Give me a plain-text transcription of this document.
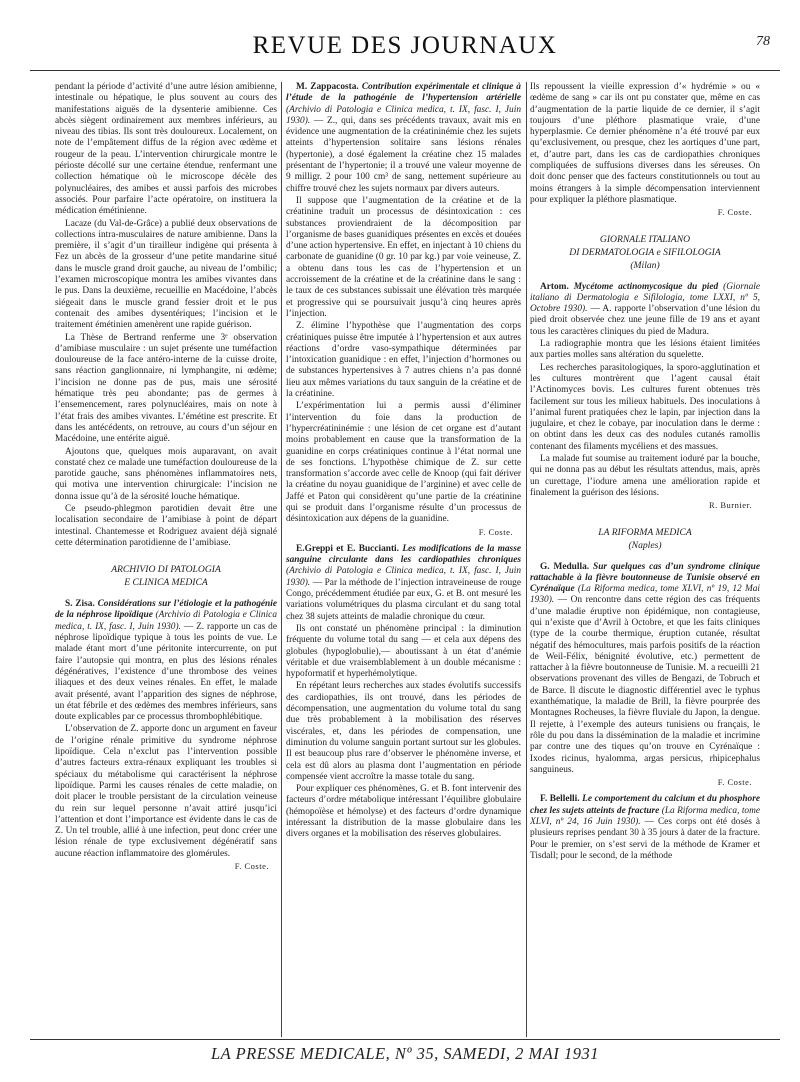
REVUE DES JOURNAUX	78

pendant la période d’activité d’une autre lésion amibienne, intestinale ou hépatique, le plus souvent au cours des manifestations aiguës de la dysenterie amibienne. Ces abcès siègent ordinairement aux membres inférieurs, au niveau des tibias. Ils sont très douloureux. Localement, on note de l’empâtement diffus de la région avec œdème et rougeur de la peau. L’intervention chirurgicale montre le périoste décollé sur une certaine étendue, renfermant une collection hématique où le microscope décèle des polynucléaires, des amibes et aussi parfois des microbes associés. Pour parfaire l’acte opératoire, on instituera la médication émétinienne.

Lacaze (du Val-de-Grâce) a publié deux observations de collections intra-musculaires de nature amibienne. Dans la première, il s’agit d’un tirailleur indigène qui présenta à Fez un abcès de la grosseur d’une petite mandarine situé dans le muscle grand droit gauche, au niveau de l’ombilic; l’examen microscopique montra les amibes vivantes dans le pus. Dans la deuxième, recueillie en Macédoine, l’abcès siégeait dans le muscle grand fessier droit et le pus contenait des amibes dysentériques; l’incision et le traitement émétinien amenèrent une rapide guérison.

La Thèse de Bertrand renferme une 3ᵉ observation d’amibiase musculaire : un sujet présente une tuméfaction douloureuse de la face antéro-interne de la cuisse droite, sans réaction ganglionnaire, ni lymphangite, ni œdème; l’incision ne donne pas de pus, mais une sérosité hématique très peu abondante; pas de germes à l’ensemencement, rares polynucléaires, mais on note à l’état frais des amibes vivantes. L’émétine est prescrite. Et dans les antécédents, on retrouve, au cours d’un séjour en Macédoine, une entérite aiguë.

Ajoutons que, quelques mois auparavant, on avait constaté chez ce malade une tuméfaction douloureuse de la parotide gauche, sans phénomènes inflammatoires nets, qui motiva une intervention chirurgicale: l’incision ne donna issue qu’à de la sérosité louche hématique.

Ce pseudo-phlegmon parotidien devait être une localisation secondaire de l’amibiase à point de départ intestinal. Chantemesse et Rodriguez avaient déjà signalé cette détermination parotidienne de l’amibiase.

ARCHIVIO DI PATOLOGIA
E CLINICA MEDICA

S. Zisa. Considérations sur l’étiologie et la pathogénie de la néphrose lipoïdique (Archivio di Patologia e Clinica medica, t. IX, fasc. I, Juin 1930). — Z. rapporte un cas de néphrose lipoïdique typique à tous les points de vue. Le malade étant mort d’une péritonite intercurrente, on put faire l’autopsie qui montra, en plus des lésions rénales dégénératives, l’existence d’une thrombose des veines iliaques et des deux veines rénales. En effet, le malade avait présenté, avant l’apparition des signes de néphrose, un état fébrile et des œdèmes des membres inférieurs, sans doute explicables par ce processus thrombophlébitique.

L’observation de Z. apporte donc un argument en faveur de l’origine rénale primitive du syndrome néphrose lipoïdique. Cela n’exclut pas l’intervention possible d’autres facteurs extra-rénaux expliquant les troubles si spéciaux du métabolisme qui caractérisent la néphrose lipoïdique. Parmi les causes rénales de cette maladie, on doit placer le trouble persistant de la circulation veineuse du rein sur lequel personne n’avait attiré jusqu’ici l’attention et dont l’importance est évidente dans le cas de Z. Un tel trouble, allié à une infection, peut donc créer une lésion rénale de type exclusivement dégénératif sans aucune réaction inflammatoire des glomérules.

F. Coste.

M. Zappacosta. Contribution expérimentale et clinique à l’étude de la pathogénie de l’hypertension artérielle (Archivio di Patologia e Clinica medica, t. IX, fasc. I, Juin 1930). — Z., qui, dans ses précédents travaux, avait mis en évidence une augmentation de la créatininémie chez les sujets atteints d’hypertension solitaire sans lésions rénales (hypertonie), a dosé également la créatine chez 15 malades présentant de l’hypertonie; il a trouvé une valeur moyenne de 9 milligr. 2 pour 100 cm³ de sang, nettement supérieure au chiffre trouvé chez les sujets normaux par divers auteurs.

Il suppose que l’augmentation de la créatine et de la créatinine traduit un processus de désintoxication : ces substances proviendraient de la décomposition par l’organisme de bases guanidiques présentes en excès et douées d’une action hypertensive. En effet, en injectant à 10 chiens du carbonate de guanidine (0 gr. 10 par kg.) par voie veineuse, Z. a obtenu dans tous les cas de l’hypertension et un accroissement de la créatine et de la créatinine dans le sang : le taux de ces substances subissait une élévation très marquée et progressive qui se poursuivait jusqu’à cinq heures après l’injection.

Z. élimine l’hypothèse que l’augmentation des corps créatiniques puisse être imputée à l’hypertension et aux autres réactions d’ordre vaso-sympathique déterminées par l’intoxication guanidique : en effet, l’injection d’hormones ou de substances hypertensives à 7 autres chiens n’a pas donné lieu aux mêmes variations du taux sanguin de la créatine et de la créatinine.

L’expérimentation lui a permis aussi d’éliminer l’intervention du foie dans la production de l’hypercréatininémie : une lésion de cet organe est d’autant moins probablement en cause que la transformation de la guanidine en corps créatiniques continue à l’état normal une de ses fonctions. L’hypothèse chimique de Z. sur cette transformation s’accorde avec celle de Knoop (qui fait dériver la créatine du noyau guanidique de l’arginine) et avec celle de Jaffé et Paton qui considèrent qu’une partie de la créatinine qui se produit dans l’organisme résulte d’un processus de désintoxication aux dépens de la guanidine.

F. Coste.

E.Greppi et E. Buccianti. Les modifications de la masse sanguine circulante dans les cardiopathies chroniques (Archivio di Patologia e Clinica medica, t. IX, fasc. I, Juin 1930). — Par la méthode de l’injection intraveineuse de rouge Congo, précédemment étudiée par eux, G. et B. ont mesuré les variations volumétriques du plasma circulant et du sang total chez 38 sujets atteints de maladie chronique du cœur.

Ils ont constaté un phénomène principal : la diminution fréquente du volume total du sang — et cela aux dépens des globules (hypoglobulie),— aboutissant à un état d’anémie véritable et due vraisemblablement à un double mécanisme : hypoformatif et hyperhémolytique.

En répétant leurs recherches aux stades évolutifs successifs des cardiopathies, ils ont trouvé, dans les périodes de décompensation, une augmentation du volume total du sang due très probablement à la mobilisation des réserves viscérales, et, dans les périodes de compensation, une diminution du volume sanguin portant surtout sur les globules. Il est beaucoup plus rare d’observer le phénomène inverse, et cela est dû alors au plasma dont l’augmentation en période compensée vient accroître la masse totale du sang.

Pour expliquer ces phénomènes, G. et B. font intervenir des facteurs d’ordre métabolique intéressant l’équilibre globulaire (hémopoïèse et hémolyse) et des facteurs d’ordre dynamique intéressant la distribution de la masse globulaire dans les divers organes et la mobilisation des réserves globulaires.

Ils repoussent la vieille expression d’« hydrémie » ou « œdème de sang » car ils ont pu constater que, même en cas d’augmentation de la partie liquide de ce dernier, il s’agit toujours d’une pléthore plasmatique vraie, d’une hyperplasmie. Ce dernier phénomène n’a été trouvé par eux qu’exclusivement, ou presque, chez les aortiques d’une part, et, d’autre part, dans les cas de cardiopathies chroniques compliquées de suffusions diverses dans les séreuses. On doit donc penser que des facteurs constitutionnels ou tout au moins étrangers à la simple décompensation interviennent pour expliquer la pléthore plasmatique.

F. Coste.
GIORNALE ITALIANO
DI DERMATOLOGIA e SIFILOLOGIA
(Milan)

Artom. Mycétome actinomycosique du pied (Giornale italiano di Dermatologia e Sifilologia, tome LXXI, nº 5, Octobre 1930). — A. rapporte l’observation d’une lésion du pied droit observée chez une jeune fille de 19 ans et ayant tous les caractères cliniques du pied de Madura.

La radiographie montra que les lésions étaient limitées aux parties molles sans altération du squelette.

Les recherches parasitologiques, la sporo-agglutination et les cultures montrèrent que l’agent causal était l’Actinomyces bovis. Les cultures furent obtenues très facilement sur tous les milieux habituels. Des inoculations à l’animal furent pratiquées chez le lapin, par injection dans la jugulaire, et chez le cobaye, par inoculation dans le derme : on obtint dans les deux cas des nodules cutanés ramollis contenant des filaments mycéliens et des massues.

La malade fut soumise au traitement ioduré par la bouche, qui ne donna pas au début les résultats attendus, mais, après un curettage, l’iodure amena une amélioration rapide et finalement la guérison des lésions.

R. Burnier.
LA RIFORMA MEDICA
(Naples)

G. Medulla. Sur quelques cas d’un syndrome clinique rattachable à la fièvre boutonneuse de Tunisie observé en Cyrénaïque (La Riforma medica, tome XLVI, nº 19, 12 Mai 1930). — On rencontre dans cette région des cas fréquents d’une maladie éruptive non épidémique, non contagieuse, qui n’existe que d’Avril à Octobre, et que les faits cliniques (type de la courbe thermique, éruption cutanée, résultat négatif des hémocultures, mais parfois positifs de la réaction de Weil-Félix, bénignité évolutive, etc.) permettent de rattacher à la fièvre boutonneuse de Tunisie. M. a recueilli 21 observations provenant des villes de Bengazi, de Tobruch et de Barce. Il discute le diagnostic différentiel avec le typhus exanthématique, la maladie de Brill, la fièvre pourprée des Montagnes Rocheuses, la fièvre fluviale du Japon, la dengue. Il rejette, à l’exemple des auteurs tunisiens ou français, le rôle du pou dans la dissémination de la maladie et incrimine par contre une des tiques qu’on trouve en Cyrénaïque : Ixodes ricinus, hyalomma, argas persicus, rhipicephalus sanguineus.

F. Coste.

F. Bellelli. Le comportement du calcium et du phosphore chez les sujets atteints de fracture (La Riforma medica, tome XLVI, nº 24, 16 Juin 1930). — Ces corps ont été dosés à plusieurs reprises pendant 30 à 35 jours à dater de la fracture. Pour le premier, on s’est servi de la méthode de Kramer et Tisdall; pour le second, de la méthode

LA PRESSE MEDICALE, Nº 35, SAMEDI, 2 MAI 1931
